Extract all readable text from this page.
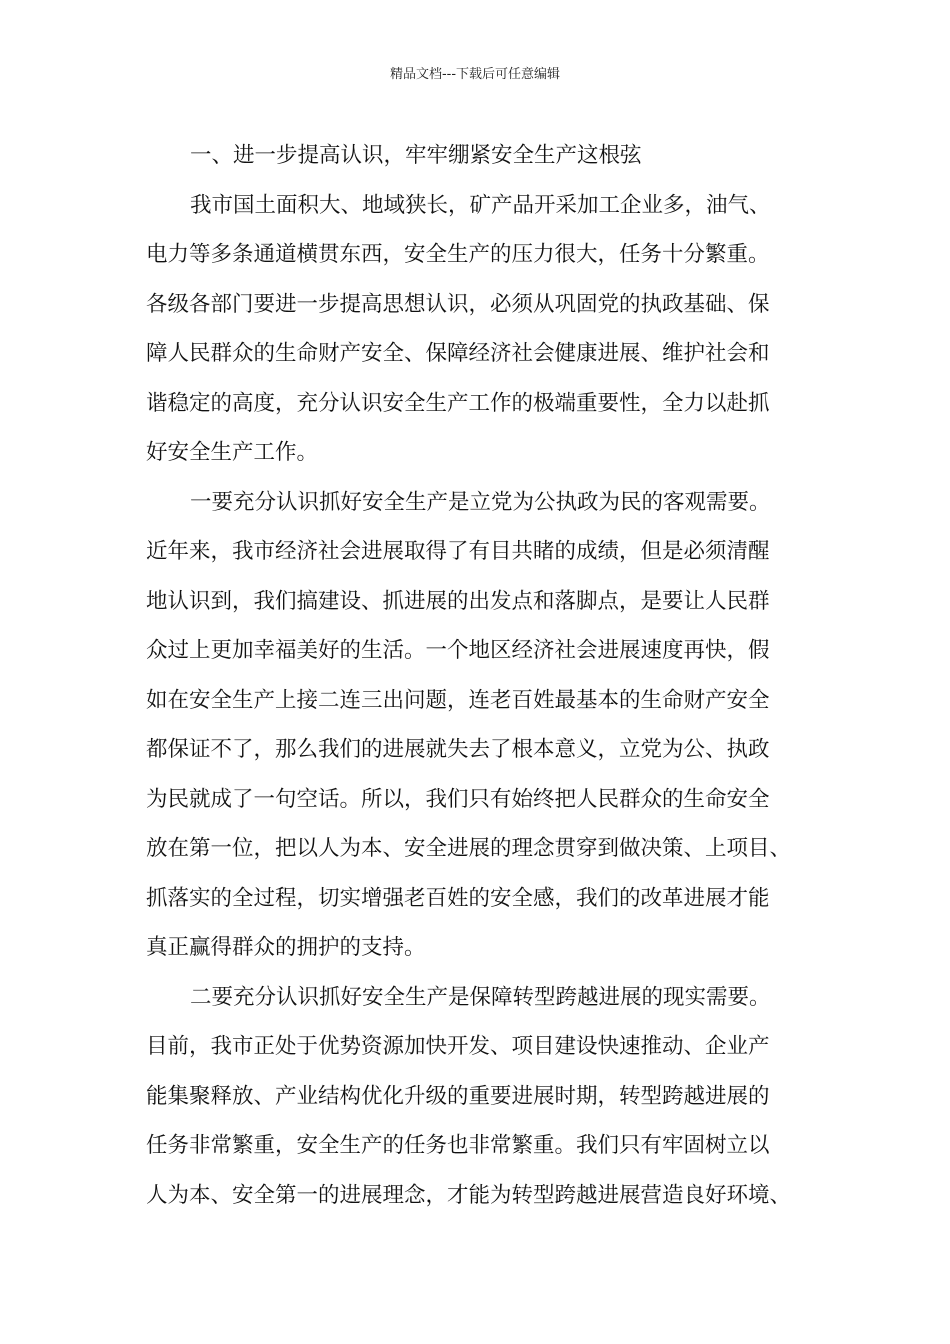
精品文档---下载后可任意编辑
一、进一步提高认识，牢牢绷紧安全生产这根弦
我市国土面积大、地域狭长，矿产品开采加工企业多，油气、
电力等多条通道横贯东西，安全生产的压力很大，任务十分繁重。
各级各部门要进一步提高思想认识，必须从巩固党的执政基础、保
障人民群众的生命财产安全、保障经济社会健康进展、维护社会和
谐稳定的高度，充分认识安全生产工作的极端重要性，全力以赴抓
好安全生产工作。
一要充分认识抓好安全生产是立党为公执政为民的客观需要。
近年来，我市经济社会进展取得了有目共睹的成绩，但是必须清醒
地认识到，我们搞建设、抓进展的出发点和落脚点，是要让人民群
众过上更加幸福美好的生活。一个地区经济社会进展速度再快，假
如在安全生产上接二连三出问题，连老百姓最基本的生命财产安全
都保证不了，那么我们的进展就失去了根本意义，立党为公、执政
为民就成了一句空话。所以，我们只有始终把人民群众的生命安全
放在第一位，把以人为本、安全进展的理念贯穿到做决策、上项目、
抓落实的全过程，切实增强老百姓的安全感，我们的改革进展才能
真正赢得群众的拥护的支持。
二要充分认识抓好安全生产是保障转型跨越进展的现实需要。
目前，我市正处于优势资源加快开发、项目建设快速推动、企业产
能集聚释放、产业结构优化升级的重要进展时期，转型跨越进展的
任务非常繁重，安全生产的任务也非常繁重。我们只有牢固树立以
人为本、安全第一的进展理念，才能为转型跨越进展营造良好环境、
